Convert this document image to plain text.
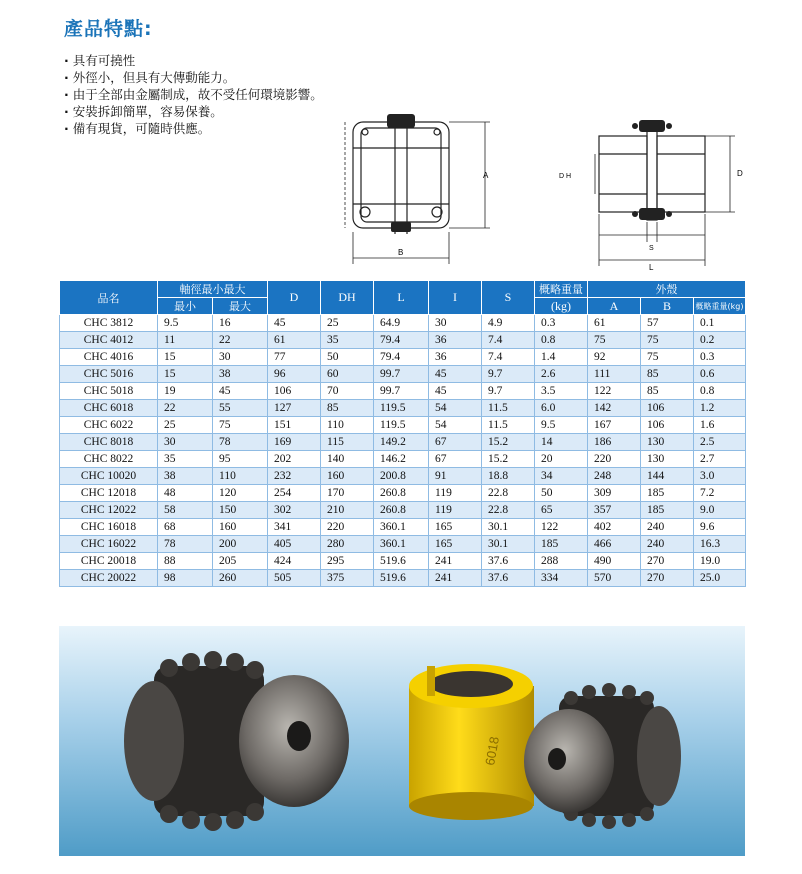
產品特點:
· 具有可撓性
· 外徑小，但具有大傳動能力。
· 由于全部由金屬制成，故不受任何環境影響。
· 安裝拆卸簡單，容易保養。
· 備有現貨，可隨時供應。
A
B
D H	D
S
L
品名	軸徑最小最大		D	DH	L	I	S	概略重量	外殼		
	最小	最大						(kg)	A	B	概略重量(kg)
CHC 3812	9.5	16	45	25	64.9	30	4.9	0.3	61	57	0.1
CHC 4012	11	22	61	35	79.4	36	7.4	0.8	75	75	0.2
CHC 4016	15	30	77	50	79.4	36	7.4	1.4	92	75	0.3
CHC 5016	15	38	96	60	99.7	45	9.7	2.6	111	85	0.6
CHC 5018	19	45	106	70	99.7	45	9.7	3.5	122	85	0.8
CHC 6018	22	55	127	85	119.5	54	11.5	6.0	142	106	1.2
CHC 6022	25	75	151	110	119.5	54	11.5	9.5	167	106	1.6
CHC 8018	30	78	169	115	149.2	67	15.2	14	186	130	2.5
CHC 8022	35	95	202	140	146.2	67	15.2	20	220	130	2.7
CHC 10020	38	110	232	160	200.8	91	18.8	34	248	144	3.0
CHC 12018	48	120	254	170	260.8	119	22.8	50	309	185	7.2
CHC 12022	58	150	302	210	260.8	119	22.8	65	357	185	9.0
CHC 16018	68	160	341	220	360.1	165	30.1	122	402	240	9.6
CHC 16022	78	200	405	280	360.1	165	30.1	185	466	240	16.3
CHC 20018	88	205	424	295	519.6	241	37.6	288	490	270	19.0
CHC 20022	98	260	505	375	519.6	241	37.6	334	570	270	25.0
6018
